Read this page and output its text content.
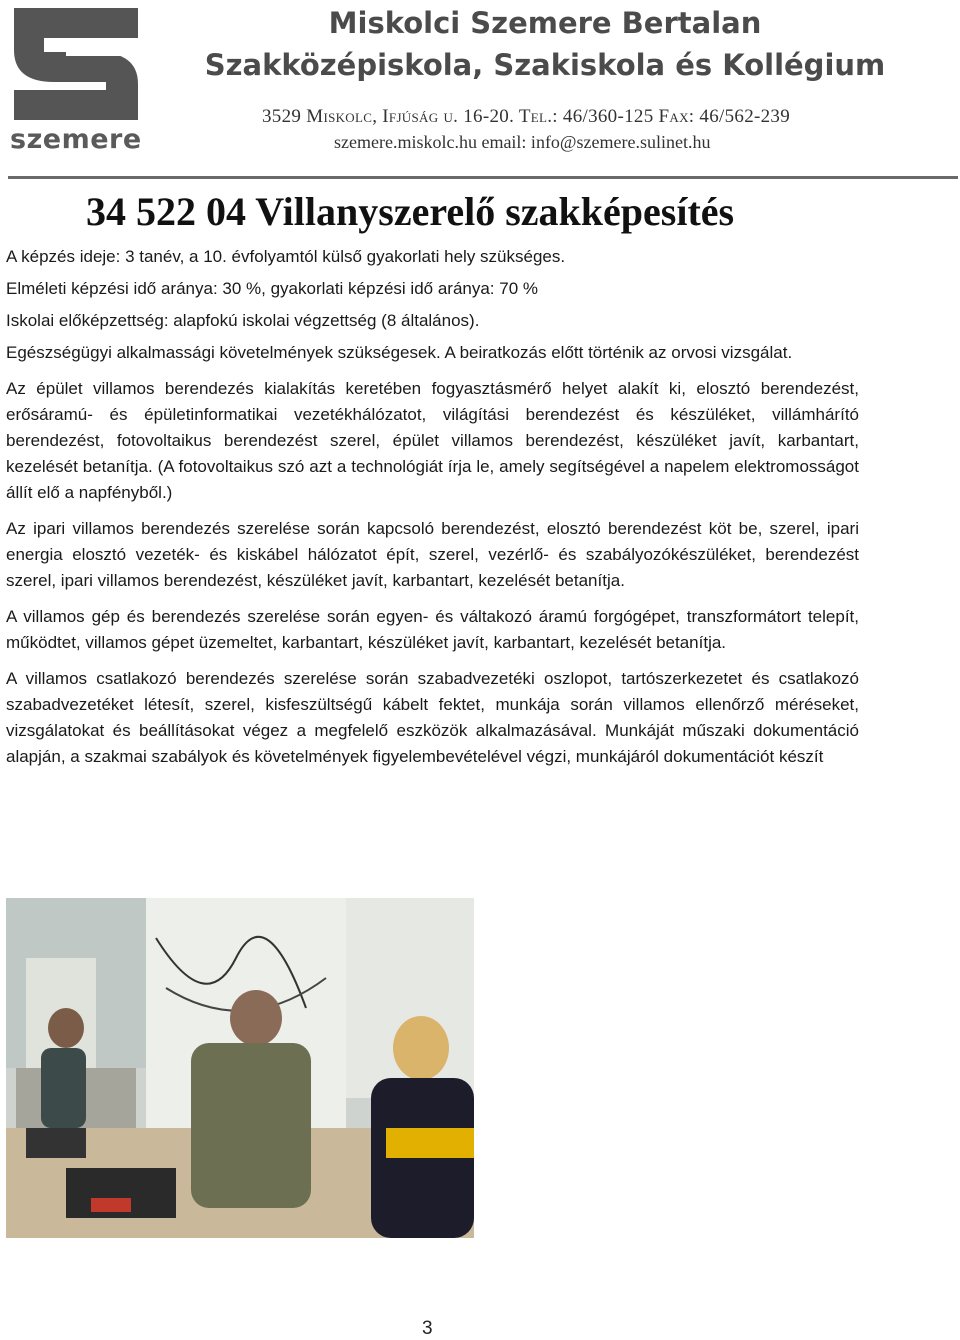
szemere
Miskolci Szemere Bertalan
Szakközépiskola, Szakiskola és Kollégium
3529 Miskolc, Ifjúság u. 16-20. Tel.: 46/360-125 Fax: 46/562-239
szemere.miskolc.hu email: info@szemere.sulinet.hu
34 522 04 Villanyszerelő szakképesítés

A képzés ideje: 3 tanév, a 10. évfolyamtól külső gyakorlati hely szükséges.

Elméleti képzési idő aránya: 30 %, gyakorlati képzési idő aránya: 70 %

Iskolai előképzettség: alapfokú iskolai végzettség (8 általános).

Egészségügyi alkalmassági követelmények szükségesek. A beiratkozás előtt történik az orvosi vizsgálat.

Az épület villamos berendezés kialakítás keretében fogyasztásmérő helyet alakít ki, elosztó berendezést, erősáramú- és épületinformatikai vezetékhálózatot, világítási berendezést és készüléket, villámhárító berendezést, fotovoltaikus berendezést szerel, épület villamos berendezést, készüléket javít, karbantart, kezelését betanítja. (A fotovoltaikus szó azt a technológiát írja le, amely segítségével a napelem elektromosságot állít elő a napfényből.)

Az ipari villamos berendezés szerelése során kapcsoló berendezést, elosztó berendezést köt be, szerel, ipari energia elosztó vezeték- és kiskábel hálózatot épít, szerel, vezérlő- és szabályozókészüléket, berendezést szerel, ipari villamos berendezést, készüléket javít, karbantart, kezelését betanítja.

A villamos gép és berendezés szerelése során egyen- és váltakozó áramú forgógépet, transzformátort telepít, működtet, villamos gépet üzemeltet, karbantart, készüléket javít, karbantart, kezelését betanítja.

A villamos csatlakozó berendezés szerelése során szabadvezetéki oszlopot, tartószerkezetet és csatlakozó szabadvezetéket létesít, szerel, kisfeszültségű kábelt fektet, munkája során villamos ellenőrző méréseket, vizsgálatokat és beállításokat végez a megfelelő eszközök alkalmazásával. Munkáját műszaki dokumentáció alapján, a szakmai szabályok és követelmények figyelembevételével végzi, munkájáról dokumentációt készít

3
